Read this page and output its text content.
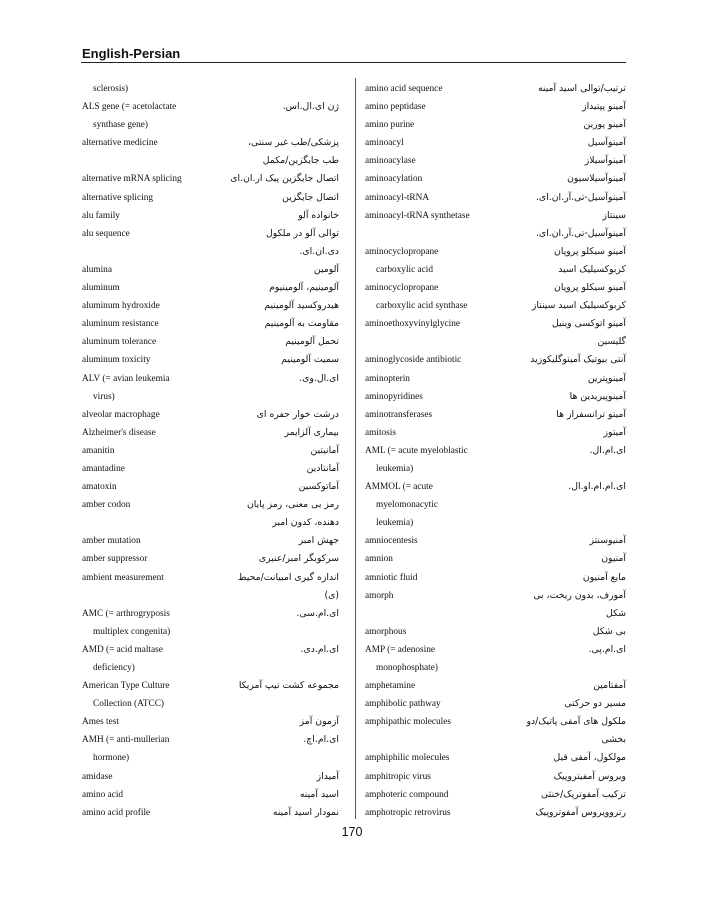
English-Persian
sclerosis)
ALS gene (= acetolactate	ژن ای.ال.اس.
synthase gene)
alternative medicine	پزشکی/طب غیر سنتی،
طب جایگزین/مکمل
alternative mRNA splicing	اتصال جایگزین پیک ار.ان.ای
alternative splicing	اتصال جایگزین
alu family	خانواده آلو
alu sequence	توالی آلو در ملکول
دی.ان.ای.
alumina	آلومین
aluminum	آلومینیم، آلومینیوم
aluminum hydroxide	هیدروکسید آلومینیم
aluminum resistance	مقاومت به آلومینیم
aluminum tolerance	تحمل آلومینیم
aluminum toxicity	سمیت آلومینیم
ALV (= avian leukemia	ای.ال.وی.
virus)
alveolar macrophage	درشت خوار حفره ای
Alzheimer's disease	بیماری آلزایمر
amanitin	آمانیتین
amantadine	آمانتادین
amatoxin	آماتوکسین
amber codon	رمز بی معنی، رمز پایان
دهنده، کدون امبر
amber mutation	جهش امبر
amber suppressor	سرکوبگر امبر/عنبری
ambient measurement	اندازه گیری امبیانت/محیط
(ی)
AMC (= arthrogryposis	ای.ام.سی.
multiplex congenita)
AMD (= acid maltase	ای.ام.دی.
deficiency)
American Type Culture	مجموعه کشت تیپ آمریکا
Collection (ATCC)
Ames test	آزمون آمز
AMH (= anti-mullerian	ای.ام.اچ.
hormone)
amidase	آمیداز
amino acid	اسید آمینه
amino acid profile	نمودار اسید آمینه
amino acid sequence	ترتیب/توالی اسید آمینه
amino peptidase	آمینو پپتیداز
amino purine	آمینو پورین
aminoacyl	آمینوآسیل
aminoacylase	آمینوآسیلاز
aminoacylation	آمینوآسیلاسیون
aminoacyl-tRNA	آمینوآسیل-تی.آر.ان.ای.
aminoacyl-tRNA synthetase	سینتاز
آمینوآسیل-تی.آر.ان.ای.
aminocyclopropane	آمینو سیکلو پروپان
carboxylic acid	کربوکسیلیک اسید
aminocyclopropane	آمینو سیکلو پروپان
carboxylic acid synthase	کربوکسیلیک اسید سینتاز
aminoethoxyvinylglycine	آمینو اتوکسی وینیل
گلیسین
aminoglycoside antibiotic	آنتی بیوتیک آمینوگلیکوزید
aminopterin	آمینوپترین
aminopyridines	آمینوپیریدین ها
aminotransferases	آمینو ترانسفراز ها
amitosis	آمیتوز
AML (= acute myeloblastic	ای.ام.ال.
leukemia)
AMMOL (= acute	ای.ام.ام.او.ال.
myelomonacytic
leukemia)
amniocentesis	آمنیوسنتز
amnion	آمنیون
amniotic fluid	مایع آمنیون
amorph	آمورف، بدون ریخت، بی
شکل
amorphous	بی شکل
AMP (= adenosine	ای.ام.پی.
monophosphate)
amphetamine	آمفتامین
amphibolic pathway	مسیر دو حرکتی
amphipathic molecules	ملکول های آمفی پاتیک/دو
بخشی
amphiphilic molecules	مولکول، آمفی فیل
amphitropic virus	ویروس آمفیتروپیک
amphoteric compound	ترکیب آمفوتریک/خنثی
amphotropic retrovirus	رتروویروس آمفوتروپیک
170
